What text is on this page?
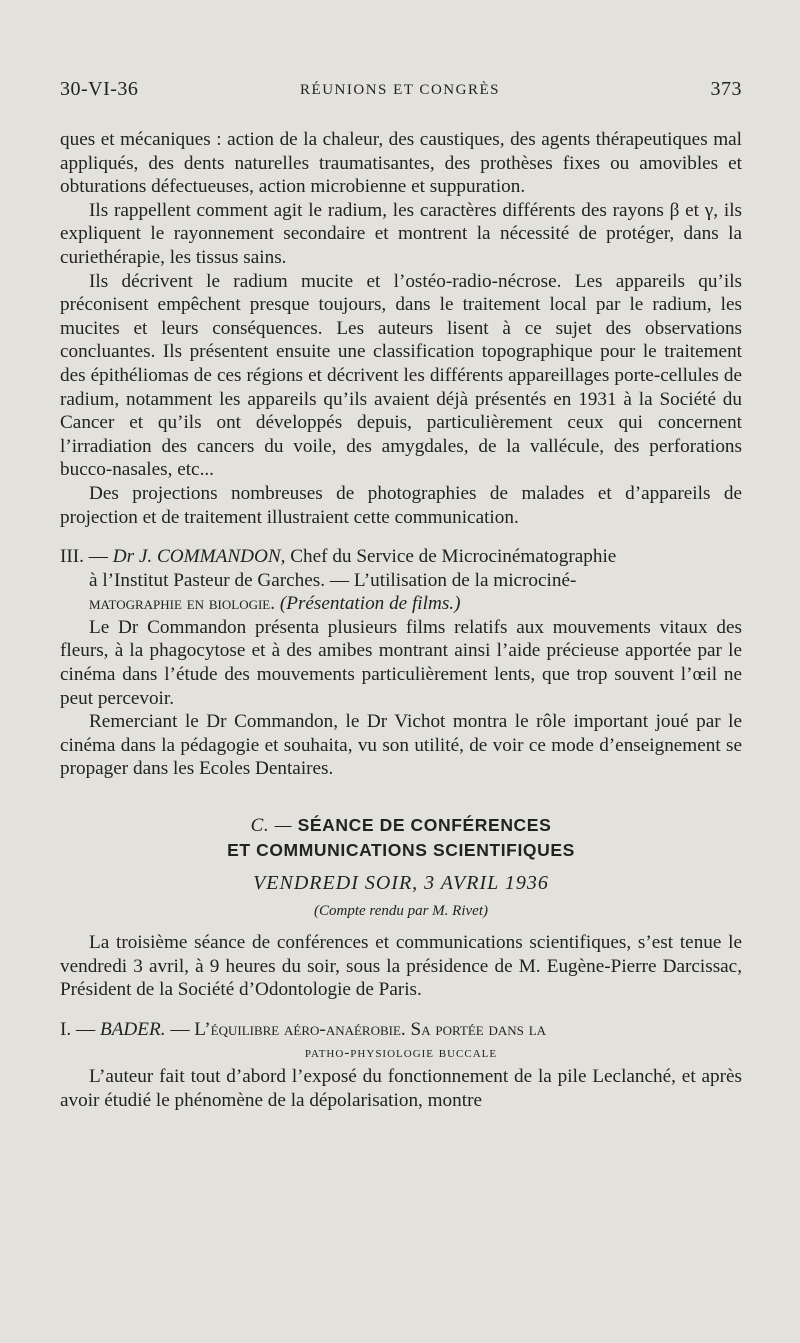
30-VI-36	RÉUNIONS ET CONGRÈS	373

ques et mécaniques : action de la chaleur, des caustiques, des agents thérapeutiques mal appliqués, des dents naturelles traumatisantes, des prothèses fixes ou amovibles et obturations défectueuses, action microbienne et suppuration.

Ils rappellent comment agit le radium, les caractères différents des rayons β et γ, ils expliquent le rayonnement secondaire et montrent la nécessité de protéger, dans la curiethérapie, les tissus sains.

Ils décrivent le radium mucite et l’ostéo-radio-nécrose. Les appareils qu’ils préconisent empêchent presque toujours, dans le traitement local par le radium, les mucites et leurs conséquences. Les auteurs lisent à ce sujet des observations concluantes. Ils présentent ensuite une classification topographique pour le traitement des épithéliomas de ces régions et décrivent les différents appareillages porte-cellules de radium, notamment les appareils qu’ils avaient déjà présentés en 1931 à la Société du Cancer et qu’ils ont développés depuis, particulièrement ceux qui concernent l’irradiation des cancers du voile, des amygdales, de la vallécule, des perforations bucco-nasales, etc...

Des projections nombreuses de photographies de malades et d’appareils de projection et de traitement illustraient cette communication.

III. — Dr J. COMMANDON, Chef du Service de Microcinématographie

à l’Institut Pasteur de Garches. — L’utilisation de la microciné-
matographie en biologie. (Présentation de films.)

Le Dr Commandon présenta plusieurs films relatifs aux mouvements vitaux des fleurs, à la phagocytose et à des amibes montrant ainsi l’aide précieuse apportée par le cinéma dans l’étude des mouvements particulièrement lents, que trop souvent l’œil ne peut percevoir.

Remerciant le Dr Commandon, le Dr Vichot montra le rôle important joué par le cinéma dans la pédagogie et souhaita, vu son utilité, de voir ce mode d’enseignement se propager dans les Ecoles Dentaires.

C. — SÉANCE DE CONFÉRENCES
ET COMMUNICATIONS SCIENTIFIQUES

VENDREDI SOIR, 3 AVRIL 1936

(Compte rendu par M. Rivet)

La troisième séance de conférences et communications scientifiques, s’est tenue le vendredi 3 avril, à 9 heures du soir, sous la présidence de M. Eugène-Pierre Darcissac, Président de la Société d’Odontologie de Paris.

I. — BADER. — L’équilibre aéro-anaérobie. Sa portée dans la

patho-physiologie buccale

L’auteur fait tout d’abord l’exposé du fonctionnement de la pile Leclanché, et après avoir étudié le phénomène de la dépolarisation, montre
